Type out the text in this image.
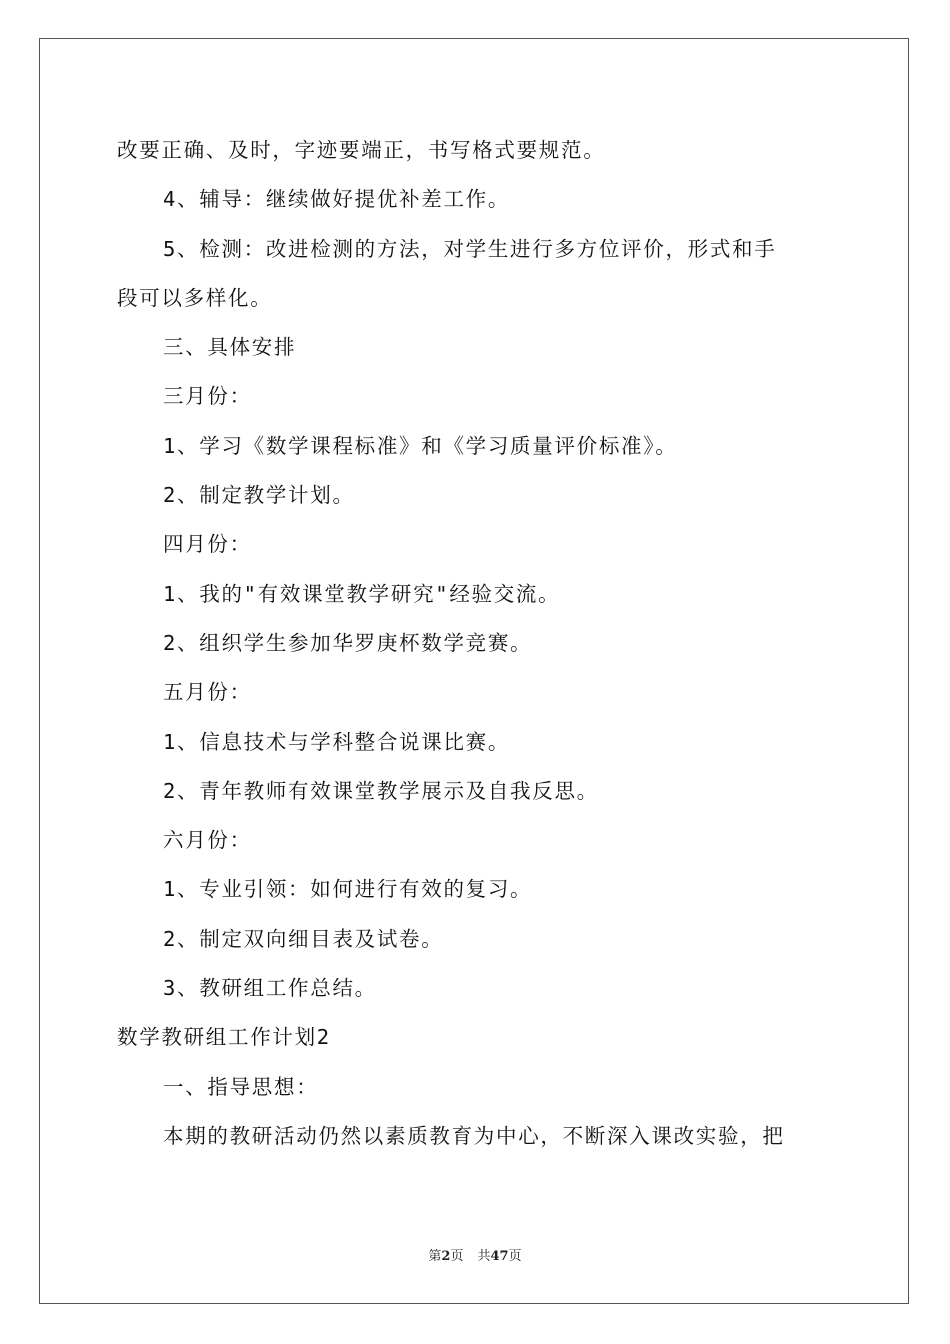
改要正确、及时，字迹要端正，书写格式要规范。
4、辅导：继续做好提优补差工作。
5、检测：改进检测的方法，对学生进行多方位评价，形式和手
段可以多样化。
三、具体安排
三月份：
1、学习《数学课程标准》和《学习质量评价标准》。
2、制定教学计划。
四月份：
1、我的"有效课堂教学研究"经验交流。
2、组织学生参加华罗庚杯数学竞赛。
五月份：
1、信息技术与学科整合说课比赛。
2、青年教师有效课堂教学展示及自我反思。
六月份：
1、专业引领：如何进行有效的复习。
2、制定双向细目表及试卷。
3、教研组工作总结。
数学教研组工作计划2
一、指导思想：
本期的教研活动仍然以素质教育为中心，不断深入课改实验，把
第2页 共47页
